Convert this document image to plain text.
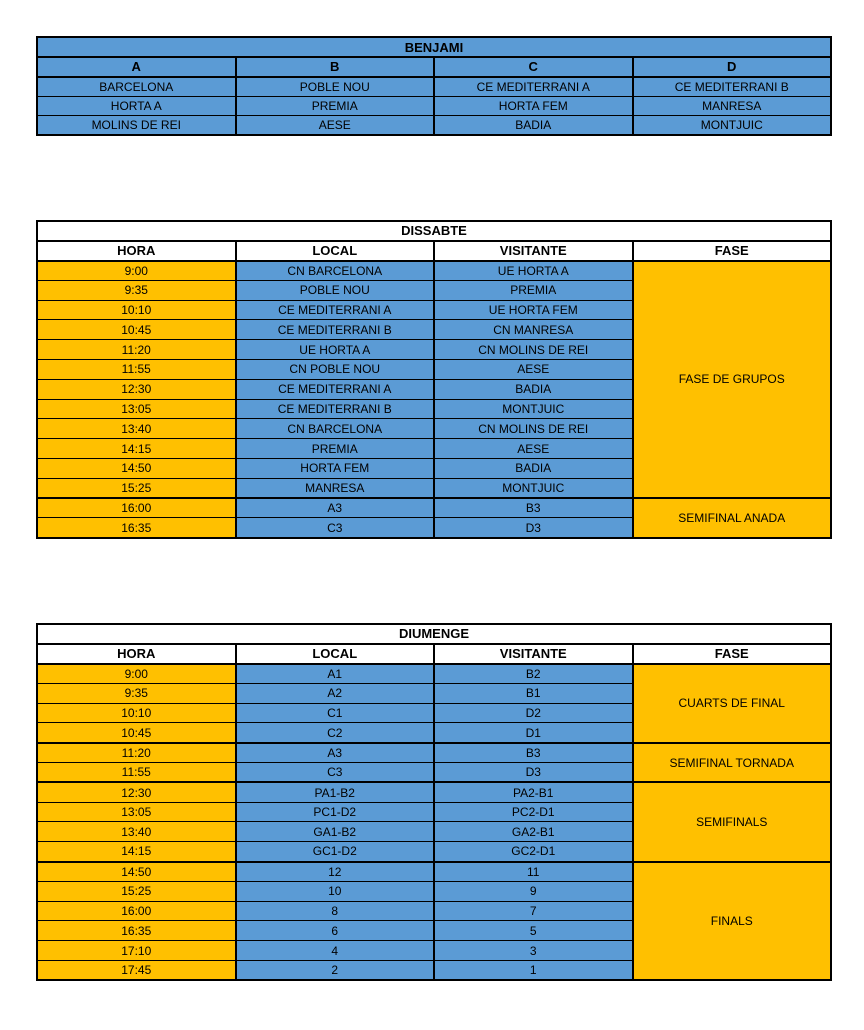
BENJAMI			
A	B	C	D
BARCELONA	POBLE NOU	CE MEDITERRANI A	CE MEDITERRANI B
HORTA A	PREMIA	HORTA FEM	MANRESA
MOLINS DE REI	AESE	BADIA	MONTJUIC
DISSABTE			
HORA	LOCAL	VISITANTE	FASE
9:00	CN BARCELONA	UE HORTA A	FASE DE GRUPOS
9:35	POBLE NOU	PREMIA	
10:10	CE MEDITERRANI A	UE HORTA FEM	
10:45	CE MEDITERRANI B	CN MANRESA	
11:20	UE HORTA A	CN MOLINS DE REI	
11:55	CN POBLE NOU	AESE	
12:30	CE MEDITERRANI A	BADIA	
13:05	CE MEDITERRANI B	MONTJUIC	
13:40	CN BARCELONA	CN MOLINS DE REI	
14:15	PREMIA	AESE	
14:50	HORTA FEM	BADIA	
15:25	MANRESA	MONTJUIC	
16:00	A3	B3	SEMIFINAL ANADA
16:35	C3	D3	
DIUMENGE			
HORA	LOCAL	VISITANTE	FASE
9:00	A1	B2	CUARTS DE FINAL
9:35	A2	B1	
10:10	C1	D2	
10:45	C2	D1	
11:20	A3	B3	SEMIFINAL TORNADA
11:55	C3	D3	
12:30	PA1-B2	PA2-B1	SEMIFINALS
13:05	PC1-D2	PC2-D1	
13:40	GA1-B2	GA2-B1	
14:15	GC1-D2	GC2-D1	
14:50	12	11	FINALS
15:25	10	9	
16:00	8	7	
16:35	6	5	
17:10	4	3	
17:45	2	1	
